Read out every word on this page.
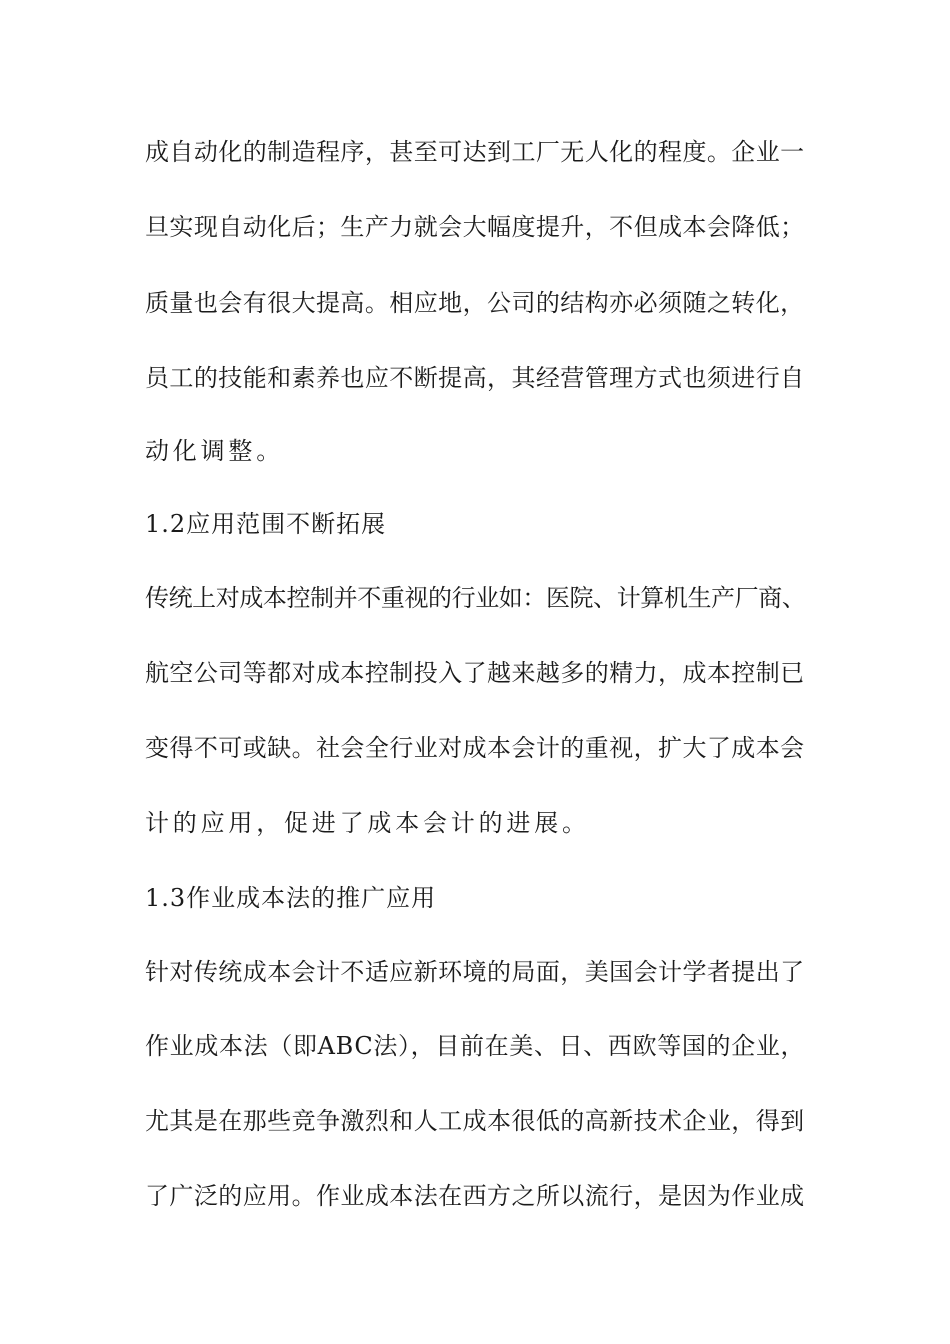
成自动化的制造程序，甚至可达到工厂无人化的程度。企业一
旦实现自动化后；生产力就会大幅度提升，不但成本会降低；
质量也会有很大提高。相应地，公司的结构亦必须随之转化，
员工的技能和素养也应不断提高，其经营管理方式也须进行自
动化调整。
1.2应用范围不断拓展
传统上对成本控制并不重视的行业如：医院、计算机生产厂商、
航空公司等都对成本控制投入了越来越多的精力，成本控制已
变得不可或缺。社会全行业对成本会计的重视，扩大了成本会
计的应用，促进了成本会计的进展。
1.3作业成本法的推广应用
针对传统成本会计不适应新环境的局面，美国会计学者提出了
作业成本法（即ABC法），目前在美、日、西欧等国的企业，
尤其是在那些竞争激烈和人工成本很低的高新技术企业，得到
了广泛的应用。作业成本法在西方之所以流行，是因为作业成
